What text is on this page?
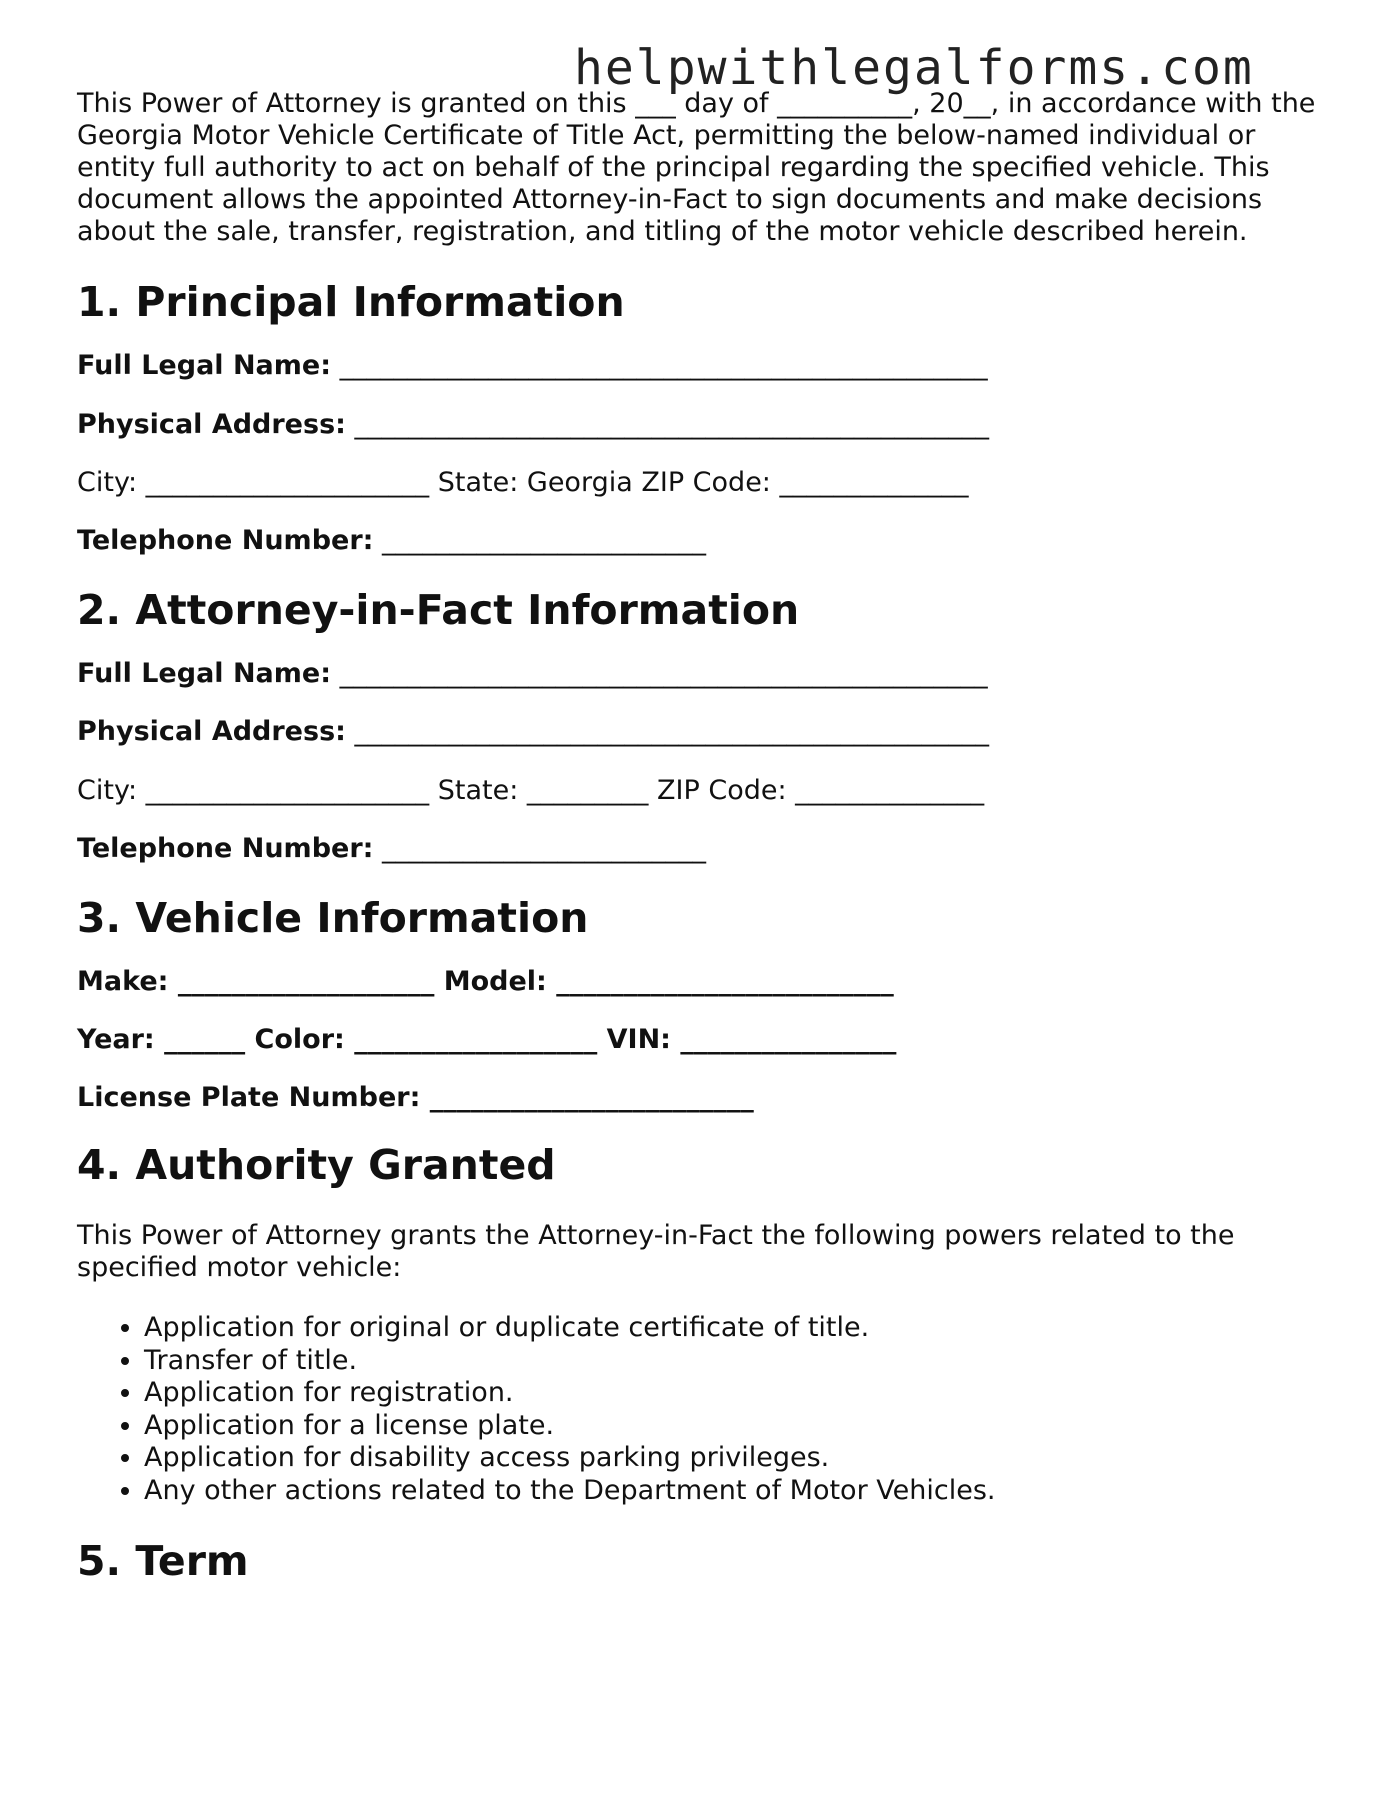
helpwithlegalforms.com

This Power of Attorney is granted on this ___ day of __________, 20__, in accordance with the Georgia Motor Vehicle Certificate of Title Act, permitting the below-named individual or entity full authority to act on behalf of the principal regarding the specified vehicle. This document allows the appointed Attorney-in-Fact to sign documents and make decisions about the sale, transfer, registration, and titling of the motor vehicle described herein.

1. Principal Information

Full Legal Name: ________________________________________________

Physical Address: _______________________________________________

City: _____________________ State: Georgia ZIP Code: ______________

Telephone Number: ________________________

2. Attorney-in-Fact Information

Full Legal Name: ________________________________________________

Physical Address: _______________________________________________

City: _____________________ State: _________ ZIP Code: ______________

Telephone Number: ________________________

3. Vehicle Information

Make: ___________________ Model: _________________________

Year: ______ Color: __________________ VIN: ________________

License Plate Number: ________________________

4. Authority Granted

This Power of Attorney grants the Attorney-in-Fact the following powers related to the specified motor vehicle:

• Application for original or duplicate certificate of title.
• Transfer of title.
• Application for registration.
• Application for a license plate.
• Application for disability access parking privileges.
• Any other actions related to the Department of Motor Vehicles.
5. Term
